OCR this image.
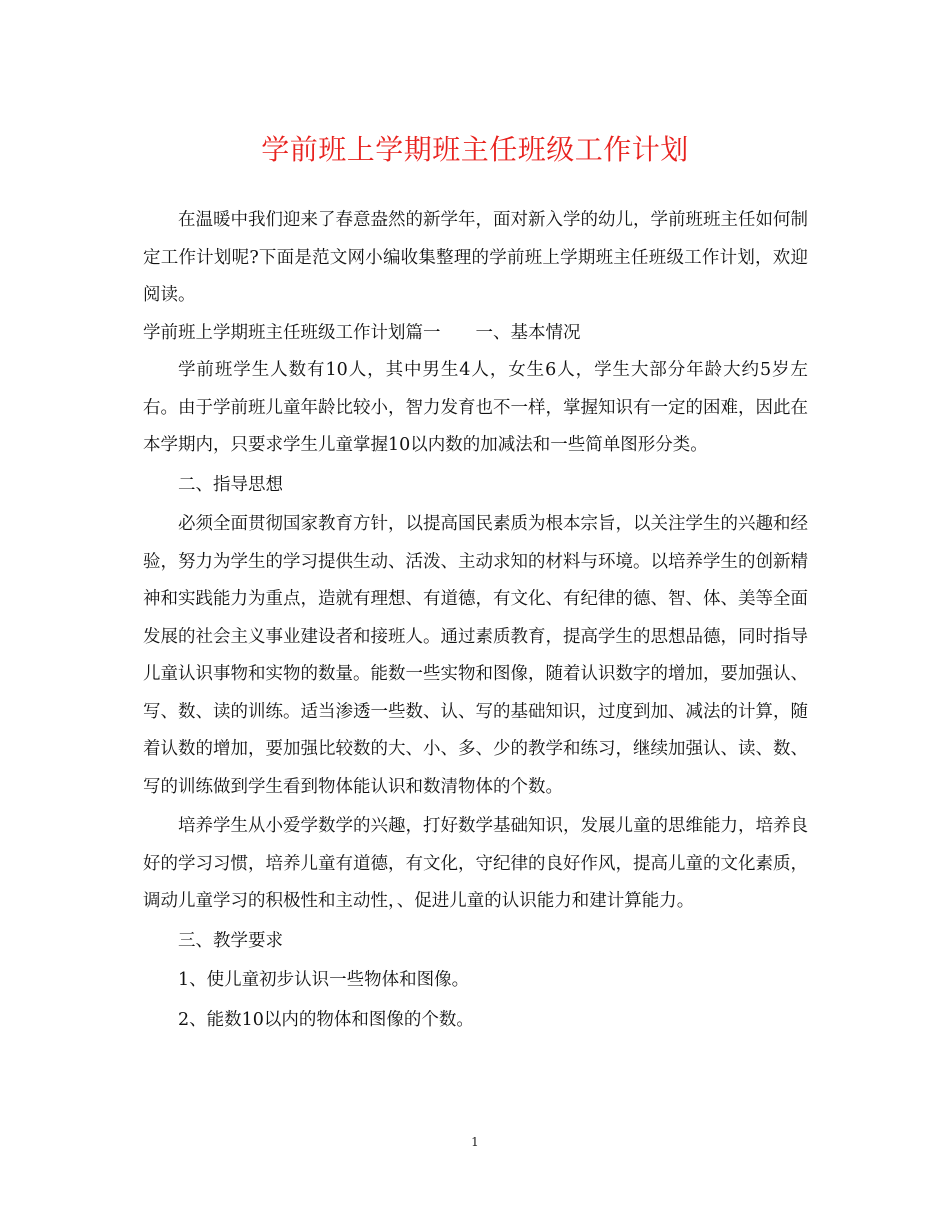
学前班上学期班主任班级工作计划

在温暖中我们迎来了春意盎然的新学年，面对新入学的幼儿，学前班班主任如何制定工作计划呢?下面是范文网小编收集整理的学前班上学期班主任班级工作计划，欢迎阅读。

学前班上学期班主任班级工作计划篇一　　一、基本情况

学前班学生人数有10人，其中男生4人，女生6人，学生大部分年龄大约5岁左右。由于学前班儿童年龄比较小，智力发育也不一样，掌握知识有一定的困难，因此在本学期内，只要求学生儿童掌握10以内数的加减法和一些简单图形分类。

二、指导思想

必须全面贯彻国家教育方针，以提高国民素质为根本宗旨，以关注学生的兴趣和经验，努力为学生的学习提供生动、活泼、主动求知的材料与环境。以培养学生的创新精神和实践能力为重点，造就有理想、有道德，有文化、有纪律的德、智、体、美等全面发展的社会主义事业建设者和接班人。通过素质教育，提高学生的思想品德，同时指导儿童认识事物和实物的数量。能数一些实物和图像，随着认识数字的增加，要加强认、写、数、读的训练。适当渗透一些数、认、写的基础知识，过度到加、减法的计算，随着认数的增加，要加强比较数的大、小、多、少的教学和练习，继续加强认、读、数、写的训练做到学生看到物体能认识和数清物体的个数。

培养学生从小爱学数学的兴趣，打好数学基础知识，发展儿童的思维能力，培养良好的学习习惯，培养儿童有道德，有文化，守纪律的良好作风，提高儿童的文化素质，调动儿童学习的积极性和主动性，、促进儿童的认识能力和建计算能力。

三、教学要求

1、使儿童初步认识一些物体和图像。

2、能数10以内的物体和图像的个数。

1
